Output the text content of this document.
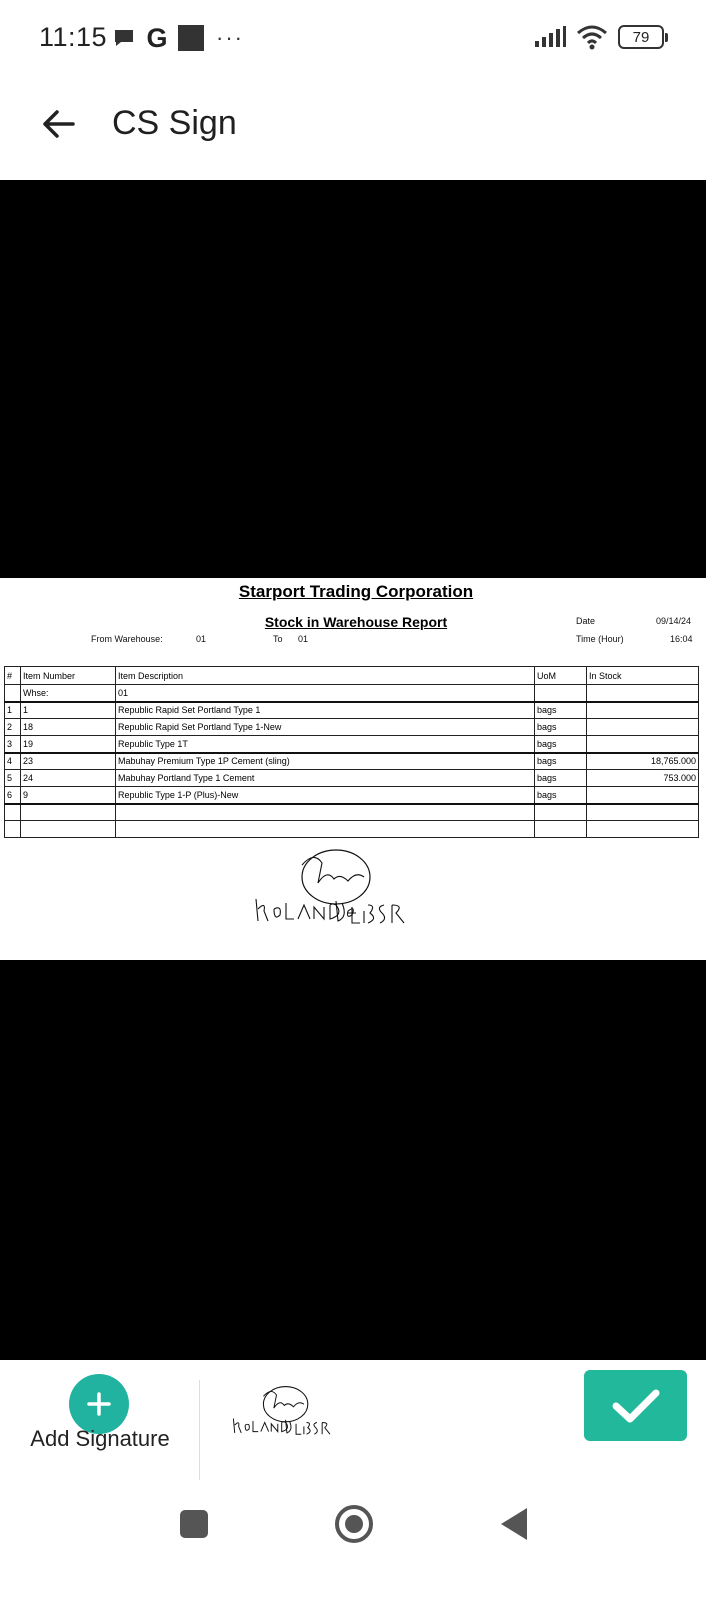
11:15 G ···	79
CS Sign
Starport Trading Corporation
Stock in Warehouse Report	Date	09/14/24
Time (Hour)	16:04
From Warehouse:	01	To 01
#	Item Number	Item Description	UoM	In Stock
	Whse:	01		
1	1	Republic Rapid Set Portland Type 1	bags	
2	18	Republic Rapid Set Portland Type 1-New	bags	
3	19	Republic Type 1T	bags	
4	23	Mabuhay Premium Type 1P Cement (sling)	bags	18,765.000
5	24	Mabuhay Portland Type 1 Cement	bags	753.000
6	9	Republic Type 1-P (Plus)-New	bags	

Add Signature
